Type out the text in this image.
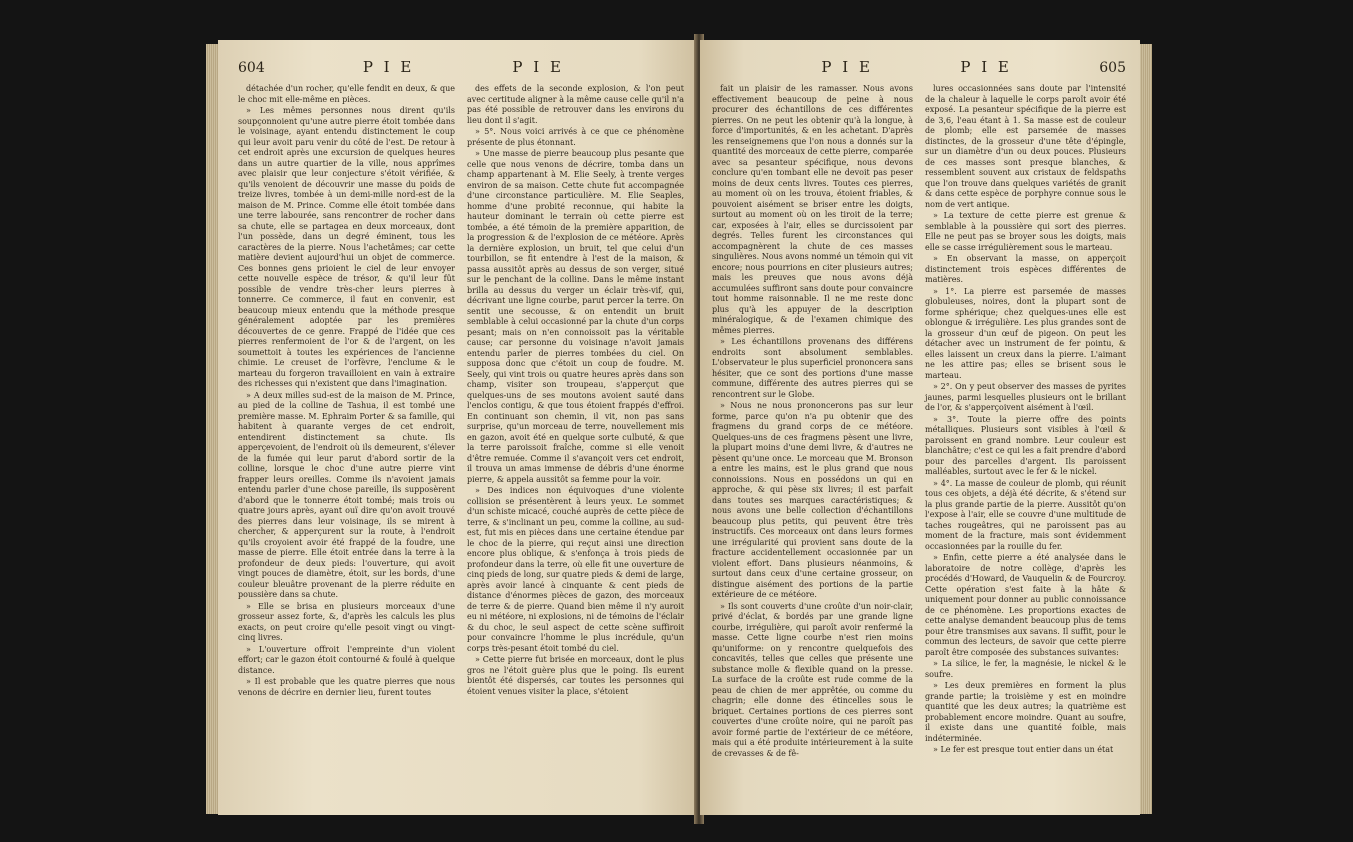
604	P I E	P I E

détachée d'un rocher, qu'elle fendit en deux, & que le choc mit elle-même en pièces.

» Les mêmes personnes nous dirent qu'ils soupçonnoient qu'une autre pierre étoit tombée dans le voisinage, ayant entendu distinctement le coup qui leur avoit paru venir du côté de l'est. De retour à cet endroit après une excursion de quelques heures dans un autre quartier de la ville, nous apprîmes avec plaisir que leur conjecture s'étoit vérifiée, & qu'ils venoient de découvrir une masse du poids de treize livres, tombée à un demi-mille nord-est de la maison de M. Prince. Comme elle étoit tombée dans une terre labourée, sans rencontrer de rocher dans sa chute, elle se partagea en deux morceaux, dont l'un possède, dans un degré éminent, tous les caractères de la pierre. Nous l'achetâmes; car cette matière devient aujourd'hui un objet de commerce. Ces bonnes gens prioient le ciel de leur envoyer cette nouvelle espèce de trésor, & qu'il leur fût possible de vendre très-cher leurs pierres à tonnerre. Ce commerce, il faut en convenir, est beaucoup mieux entendu que la méthode presque généralement adoptée par les premières découvertes de ce genre. Frappé de l'idée que ces pierres renfermoient de l'or & de l'argent, on les soumettoit à toutes les expériences de l'ancienne chimie. Le creuset de l'orfèvre, l'enclume & le marteau du forgeron travailloient en vain à extraire des richesses qui n'existent que dans l'imagination.

» A deux milles sud-est de la maison de M. Prince, au pied de la colline de Tashua, il est tombé une première masse. M. Ephraim Porter & sa famille, qui habitent à quarante verges de cet endroit, entendirent distinctement sa chute. Ils apperçevoient, de l'endroit où ils demeurent, s'élever de la fumée qui leur parut d'abord sortir de la colline, lorsque le choc d'une autre pierre vint frapper leurs oreilles. Comme ils n'avoient jamais entendu parler d'une chose pareille, ils supposèrent d'abord que le tonnerre étoit tombé; mais trois ou quatre jours après, ayant ouï dire qu'on avoit trouvé des pierres dans leur voisinage, ils se mirent à chercher, & apperçurent sur la route, à l'endroit qu'ils croyoient avoir été frappé de la foudre, une masse de pierre. Elle étoit entrée dans la terre à la profondeur de deux pieds: l'ouverture, qui avoit vingt pouces de diamètre, étoit, sur les bords, d'une couleur bleuâtre provenant de la pierre réduite en poussière dans sa chute.

» Elle se brisa en plusieurs morceaux d'une grosseur assez forte, &, d'après les calculs les plus exacts, on peut croire qu'elle pesoit vingt ou vingt-cinq livres.

» L'ouverture offroit l'empreinte d'un violent effort; car le gazon étoit contourné & foulé à quelque distance.

» Il est probable que les quatre pierres que nous venons de décrire en dernier lieu, furent toutes

des effets de la seconde explosion, & l'on peut avec certitude aligner à la même cause celle qu'il n'a pas été possible de retrouver dans les environs du lieu dont il s'agit.

» 5°. Nous voici arrivés à ce que ce phénomène présente de plus étonnant.

» Une masse de pierre beaucoup plus pesante que celle que nous venons de décrire, tomba dans un champ appartenant à M. Elie Seely, à trente verges environ de sa maison. Cette chute fut accompagnée d'une circonstance particulière. M. Elie Seaples, homme d'une probité reconnue, qui habite la hauteur dominant le terrain où cette pierre est tombée, a été témoin de la première apparition, de la progression & de l'explosion de ce météore. Après la dernière explosion, un bruit, tel que celui d'un tourbillon, se fit entendre à l'est de la maison, & passa aussitôt après au dessus de son verger, situé sur le penchant de la colline. Dans le même instant brilla au dessus du verger un éclair très-vif, qui, décrivant une ligne courbe, parut percer la terre. On sentit une secousse, & on entendit un bruit semblable à celui occasionné par la chute d'un corps pesant; mais on n'en connoissoit pas la véritable cause; car personne du voisinage n'avoit jamais entendu parler de pierres tombées du ciel. On supposa donc que c'étoit un coup de foudre. M. Seely, qui vint trois ou quatre heures après dans son champ, visiter son troupeau, s'apperçut que quelques-uns de ses moutons avoient sauté dans l'enclos contigu, & que tous étoient frappés d'effroi. En continuant son chemin, il vit, non pas sans surprise, qu'un morceau de terre, nouvellement mis en gazon, avoit été en quelque sorte culbuté, & que la terre paroissoit fraîche, comme si elle venoit d'être remuée. Comme il s'avançoit vers cet endroit, il trouva un amas immense de débris d'une énorme pierre, & appela aussitôt sa femme pour la voir.

» Des indices non équivoques d'une violente collision se présentèrent à leurs yeux. Le sommet d'un schiste micacé, couché auprès de cette pièce de terre, & s'inclinant un peu, comme la colline, au sud-est, fut mis en pièces dans une certaine étendue par le choc de la pierre, qui reçut ainsi une direction encore plus oblique, & s'enfonça à trois pieds de profondeur dans la terre, où elle fit une ouverture de cinq pieds de long, sur quatre pieds & demi de large, après avoir lancé à cinquante & cent pieds de distance d'énormes pièces de gazon, des morceaux de terre & de pierre. Quand bien même il n'y auroit eu ni météore, ni explosions, ni de témoins de l'éclair & du choc, le seul aspect de cette scène suffiroit pour convaincre l'homme le plus incrédule, qu'un corps très-pesant étoit tombé du ciel.

» Cette pierre fut brisée en morceaux, dont le plus gros ne l'étoit guère plus que le poing. Ils eurent bientôt été dispersés, car toutes les personnes qui étoient venues visiter la place, s'étoient

P I E	P I E	605

fait un plaisir de les ramasser. Nous avons effectivement beaucoup de peine à nous procurer des échantillons de ces différentes pierres. On ne peut les obtenir qu'à la longue, à force d'importunités, & en les achetant. D'après les renseignemens que l'on nous a donnés sur la quantité des morceaux de cette pierre, comparée avec sa pesanteur spécifique, nous devons conclure qu'en tombant elle ne devoit pas peser moins de deux cents livres. Toutes ces pierres, au moment où on les trouva, étoient friables, & pouvoient aisément se briser entre les doigts, surtout au moment où on les tiroit de la terre; car, exposées à l'air, elles se durcissoient par degrés. Telles furent les circonstances qui accompagnèrent la chute de ces masses singulières. Nous avons nommé un témoin qui vit encore; nous pourrions en citer plusieurs autres; mais les preuves que nous avons déjà accumulées suffiront sans doute pour convaincre tout homme raisonnable. Il ne me reste donc plus qu'à les appuyer de la description minéralogique, & de l'examen chimique des mêmes pierres.

» Les échantillons provenans des différens endroits sont absolument semblables. L'observateur le plus superficiel prononcera sans hésiter, que ce sont des portions d'une masse commune, différente des autres pierres qui se rencontrent sur le Globe.

» Nous ne nous prononcerons pas sur leur forme, parce qu'on n'a pu obtenir que des fragmens du grand corps de ce météore. Quelques-uns de ces fragmens pèsent une livre, la plupart moins d'une demi livre, & d'autres ne pèsent qu'une once. Le morceau que M. Bronson a entre les mains, est le plus grand que nous connoissions. Nous en possédons un qui en approche, & qui pèse six livres; il est parfait dans toutes ses marques caractéristiques; & nous avons une belle collection d'échantillons beaucoup plus petits, qui peuvent être très instructifs. Ces morceaux ont dans leurs formes une irrégularité qui provient sans doute de la fracture accidentellement occasionnée par un violent effort. Dans plusieurs néanmoins, & surtout dans ceux d'une certaine grosseur, on distingue aisément des portions de la partie extérieure de ce météore.

» Ils sont couverts d'une croûte d'un noir-clair, privé d'éclat, & bordés par une grande ligne courbe, irrégulière, qui paroît avoir renfermé la masse. Cette ligne courbe n'est rien moins qu'uniforme: on y rencontre quelquefois des concavités, telles que celles que présente une substance molle & flexible quand on la presse. La surface de la croûte est rude comme de la peau de chien de mer apprêtée, ou comme du chagrin; elle donne des étincelles sous le briquet. Certaines portions de ces pierres sont couvertes d'une croûte noire, qui ne paroît pas avoir formé partie de l'extérieur de ce météore, mais qui a été produite intérieurement à la suite de crevasses & de fê-

lures occasionnées sans doute par l'intensité de la chaleur à laquelle le corps paroît avoir été exposé. La pesanteur spécifique de la pierre est de 3,6, l'eau étant à 1. Sa masse est de couleur de plomb; elle est parsemée de masses distinctes, de la grosseur d'une tête d'épingle, sur un diamètre d'un ou deux pouces. Plusieurs de ces masses sont presque blanches, & ressemblent souvent aux cristaux de feldspaths que l'on trouve dans quelques variétés de granit & dans cette espèce de porphyre connue sous le nom de vert antique.

» La texture de cette pierre est grenue & semblable à la poussière qui sort des pierres. Elle ne peut pas se broyer sous les doigts, mais elle se casse irrégulièrement sous le marteau.

» En observant la masse, on apperçoit distinctement trois espèces différentes de matières.

» 1°. La pierre est parsemée de masses globuleuses, noires, dont la plupart sont de forme sphérique; chez quelques-unes elle est oblongue & irrégulière. Les plus grandes sont de la grosseur d'un œuf de pigeon. On peut les détacher avec un instrument de fer pointu, & elles laissent un creux dans la pierre. L'aimant ne les attire pas; elles se brisent sous le marteau.

» 2°. On y peut observer des masses de pyrites jaunes, parmi lesquelles plusieurs ont le brillant de l'or, & s'apperçoivent aisément à l'œil.

» 3°. Toute la pierre offre des points métalliques. Plusieurs sont visibles à l'œil & paroissent en grand nombre. Leur couleur est blanchâtre; c'est ce qui les a fait prendre d'abord pour des parcelles d'argent. Ils paroissent malléables, surtout avec le fer & le nickel.

» 4°. La masse de couleur de plomb, qui réunit tous ces objets, a déjà été décrite, & s'étend sur la plus grande partie de la pierre. Aussitôt qu'on l'expose à l'air, elle se couvre d'une multitude de taches rougeâtres, qui ne paroissent pas au moment de la fracture, mais sont évidemment occasionnées par la rouille du fer.

» Enfin, cette pierre a été analysée dans le laboratoire de notre collège, d'après les procédés d'Howard, de Vauquelin & de Fourcroy. Cette opération s'est faite à la hâte & uniquement pour donner au public connoissance de ce phénomène. Les proportions exactes de cette analyse demandent beaucoup plus de tems pour être transmises aux savans. Il suffit, pour le commun des lecteurs, de savoir que cette pierre paroît être composée des substances suivantes:

» La silice, le fer, la magnésie, le nickel & le soufre.

» Les deux premières en forment la plus grande partie; la troisième y est en moindre quantité que les deux autres; la quatrième est probablement encore moindre. Quant au soufre, il existe dans une quantité foible, mais indéterminée.

» Le fer est presque tout entier dans un état
